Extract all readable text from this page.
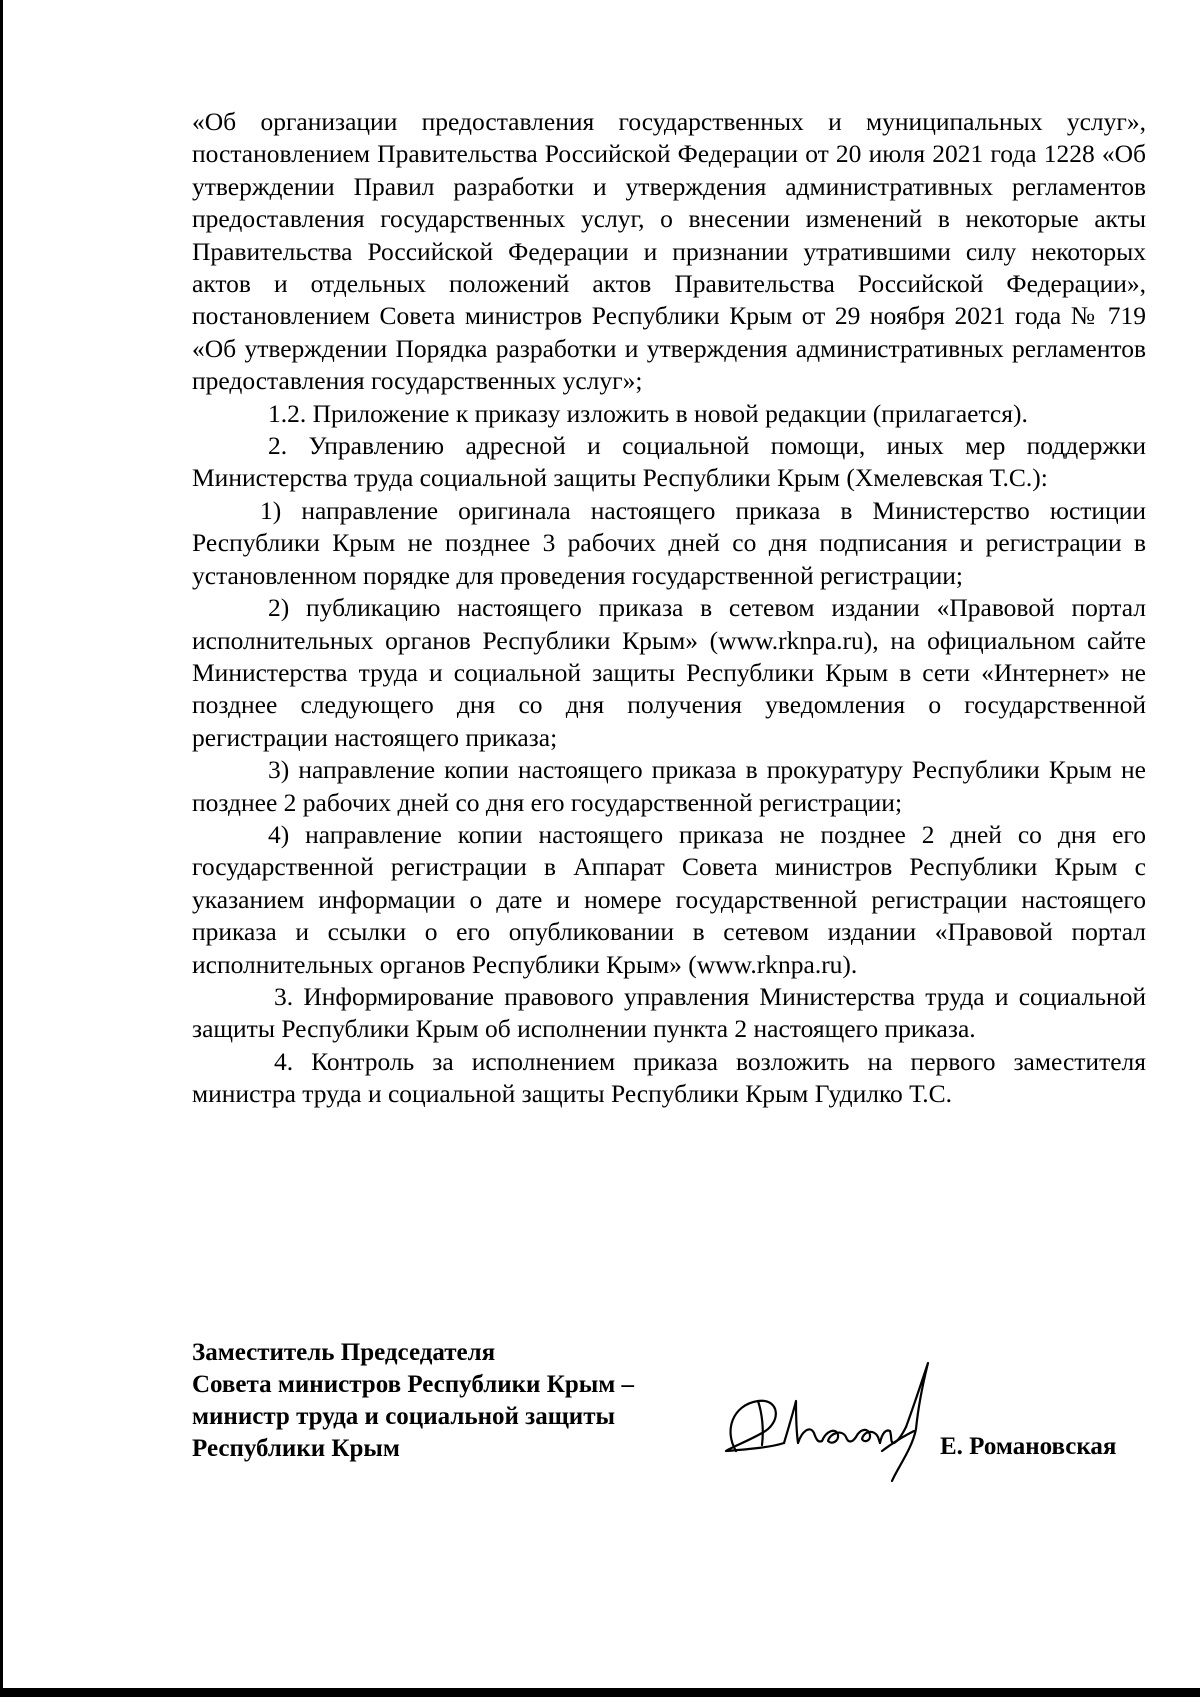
«Об организации предоставления государственных и муниципальных услуг», постановлением Правительства Российской Федерации от 20 июля 2021 года 1228 «Об утверждении Правил разработки и утверждения административных регламентов предоставления государственных услуг, о внесении изменений в некоторые акты Правительства Российской Федерации и признании утратившими силу некоторых актов и отдельных положений актов Правительства Российской Федерации», постановлением Совета министров Республики Крым от 29 ноября 2021 года № 719 «Об утверждении Порядка разработки и утверждения административных регламентов предоставления государственных услуг»;

1.2. Приложение к приказу изложить в новой редакции (прилагается).

2. Управлению адресной и социальной помощи, иных мер поддержки Министерства труда социальной защиты Республики Крым (Хмелевская Т.С.):

1) направление оригинала настоящего приказа в Министерство юстиции Республики Крым не позднее 3 рабочих дней со дня подписания и регистрации в установленном порядке для проведения государственной регистрации;

2) публикацию настоящего приказа в сетевом издании «Правовой портал исполнительных органов Республики Крым» (www.rknpa.ru), на официальном сайте Министерства труда и социальной защиты Республики Крым в сети «Интернет» не позднее следующего дня со дня получения уведомления о государственной регистрации настоящего приказа;

3) направление копии настоящего приказа в прокуратуру Республики Крым не позднее 2 рабочих дней со дня его государственной регистрации;

4) направление копии настоящего приказа не позднее 2 дней со дня его государственной регистрации в Аппарат Совета министров Республики Крым с указанием информации о дате и номере государственной регистрации настоящего приказа и ссылки о его опубликовании в сетевом издании «Правовой портал исполнительных органов Республики Крым» (www.rknpa.ru).

3. Информирование правового управления Министерства труда и социальной защиты Республики Крым об исполнении пункта 2 настоящего приказа.

4. Контроль за исполнением приказа возложить на первого заместителя министра труда и социальной защиты Республики Крым Гудилко Т.С.

Заместитель Председателя
Совета министров Республики Крым –
министр труда и социальной защиты
Республики Крым	Е. Романовская
